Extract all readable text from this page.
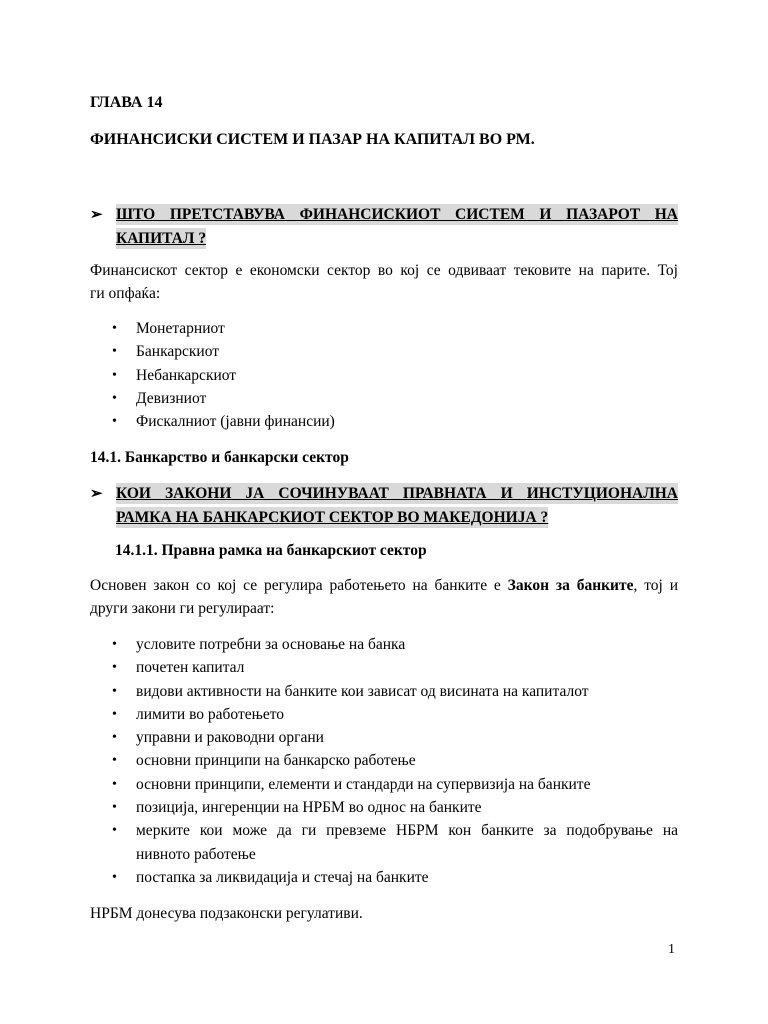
ГЛАВА 14
ФИНАНСИСКИ СИСТЕМ И ПАЗАР НА КАПИТАЛ ВО РМ.
➢ ШТО ПРЕТСТАВУВА ФИНАНСИСКИОТ СИСТЕМ И ПАЗАРОТ НА
КАПИТАЛ ?
Финансискот сектор е економски сектор во кој се одвиваат тековите на парите. Тој
ги опфаќа:
• Монетарниот
• Банкарскиот
• Небанкарскиот
• Девизниот
• Фискалниот (јавни финансии)
14.1. Банкарство и банкарски сектор
➢ КОИ ЗАКОНИ ЈА СОЧИНУВААТ ПРАВНАТА И ИНСТУЦИОНАЛНА
РАМКА НА БАНКАРСКИОТ СЕКТОР ВО МАКЕДОНИЈА ?
14.1.1. Правна рамка на банкарскиот сектор
Основен закон со кој се регулира работењето на банките е Закон за банките, тој и
други закони ги регулираат:
• условите потребни за основање на банка
• почетен капитал
• видови активности на банките кои зависат од висината на капиталот
• лимити во работењето
• управни и раководни органи
• основни принципи на банкарско работење
• основни принципи, елементи и стандарди на супервизија на банките
• позиција, ингеренции на НРБМ во однос на банките
• мерките кои може да ги превземе НБРМ кон банките за подобрување на
нивното работење
• постапка за ликвидација и стечај на банките
НРБМ донесува подзаконски регулативи.
1
